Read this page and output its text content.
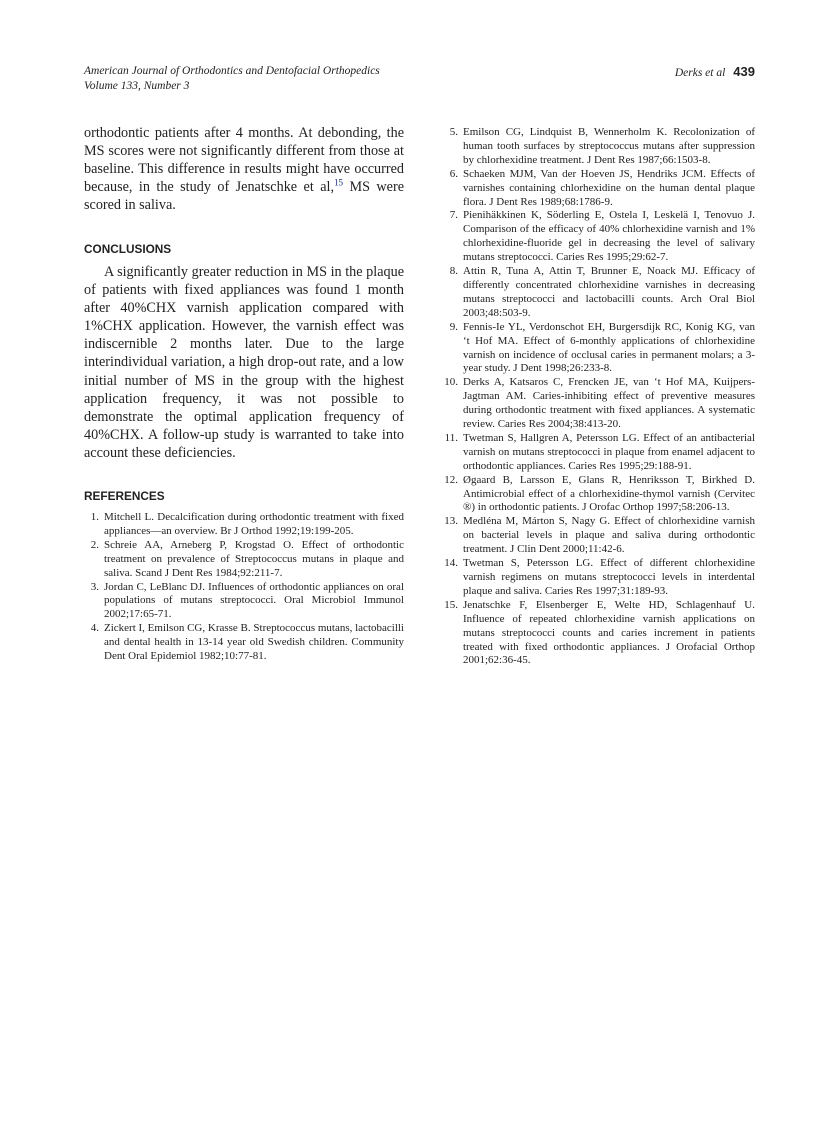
American Journal of Orthodontics and Dentofacial Orthopedics
Volume 133, Number 3
Derks et al 439
orthodontic patients after 4 months. At debonding, the MS scores were not significantly different from those at baseline. This difference in results might have occurred because, in the study of Jenatschke et al,$^{15}$ MS were scored in saliva.
CONCLUSIONS
A significantly greater reduction in MS in the plaque of patients with fixed appliances was found 1 month after 40%CHX varnish application compared with 1%CHX application. However, the varnish effect was indiscernible 2 months later. Due to the large interindividual variation, a high drop-out rate, and a low initial number of MS in the group with the highest application frequency, it was not possible to demonstrate the optimal application frequency of 40%CHX. A follow-up study is warranted to take into account these deficiencies.
REFERENCES
1. Mitchell L. Decalcification during orthodontic treatment with fixed appliances—an overview. Br J Orthod 1992;19:199-205.
2. Schreie AA, Arneberg P, Krogstad O. Effect of orthodontic treatment on prevalence of Streptococcus mutans in plaque and saliva. Scand J Dent Res 1984;92:211-7.
3. Jordan C, LeBlanc DJ. Influences of orthodontic appliances on oral populations of mutans streptococci. Oral Microbiol Immunol 2002;17:65-71.
4. Zickert I, Emilson CG, Krasse B. Streptococcus mutans, lactobacilli and dental health in 13-14 year old Swedish children. Community Dent Oral Epidemiol 1982;10:77-81.
5. Emilson CG, Lindquist B, Wennerholm K. Recolonization of human tooth surfaces by streptococcus mutans after suppression by chlorhexidine treatment. J Dent Res 1987;66:1503-8.
6. Schaeken MJM, Van der Hoeven JS, Hendriks JCM. Effects of varnishes containing chlorhexidine on the human dental plaque flora. J Dent Res 1989;68:1786-9.
7. Pienihäkkinen K, Söderling E, Ostela I, Leskelä I, Tenovuo J. Comparison of the efficacy of 40% chlorhexidine varnish and 1% chlorhexidine-fluoride gel in decreasing the level of salivary mutans streptococci. Caries Res 1995;29:62-7.
8. Attin R, Tuna A, Attin T, Brunner E, Noack MJ. Efficacy of differently concentrated chlorhexidine varnishes in decreasing mutans streptococci and lactobacilli counts. Arch Oral Biol 2003;48:503-9.
9. Fennis-Ie YL, Verdonschot EH, Burgersdijk RC, Konig KG, van ‘t Hof MA. Effect of 6-monthly applications of chlorhexidine varnish on incidence of occlusal caries in permanent molars; a 3-year study. J Dent 1998;26:233-8.
10. Derks A, Katsaros C, Frencken JE, van ‘t Hof MA, Kuijpers-Jagtman AM. Caries-inhibiting effect of preventive measures during orthodontic treatment with fixed appliances. A systematic review. Caries Res 2004;38:413-20.
11. Twetman S, Hallgren A, Petersson LG. Effect of an antibacterial varnish on mutans streptococci in plaque from enamel adjacent to orthodontic appliances. Caries Res 1995;29:188-91.
12. Øgaard B, Larsson E, Glans R, Henriksson T, Birkhed D. Antimicrobial effect of a chlorhexidine-thymol varnish (Cervitec ®) in orthodontic patients. J Orofac Orthop 1997;58:206-13.
13. Medléna M, Márton S, Nagy G. Effect of chlorhexidine varnish on bacterial levels in plaque and saliva during orthodontic treatment. J Clin Dent 2000;11:42-6.
14. Twetman S, Petersson LG. Effect of different chlorhexidine varnish regimens on mutans streptococci levels in interdental plaque and saliva. Caries Res 1997;31:189-93.
15. Jenatschke F, Elsenberger E, Welte HD, Schlagenhauf U. Influence of repeated chlorhexidine varnish applications on mutans streptococci counts and caries increment in patients treated with fixed orthodontic appliances. J Orofacial Orthop 2001;62:36-45.
